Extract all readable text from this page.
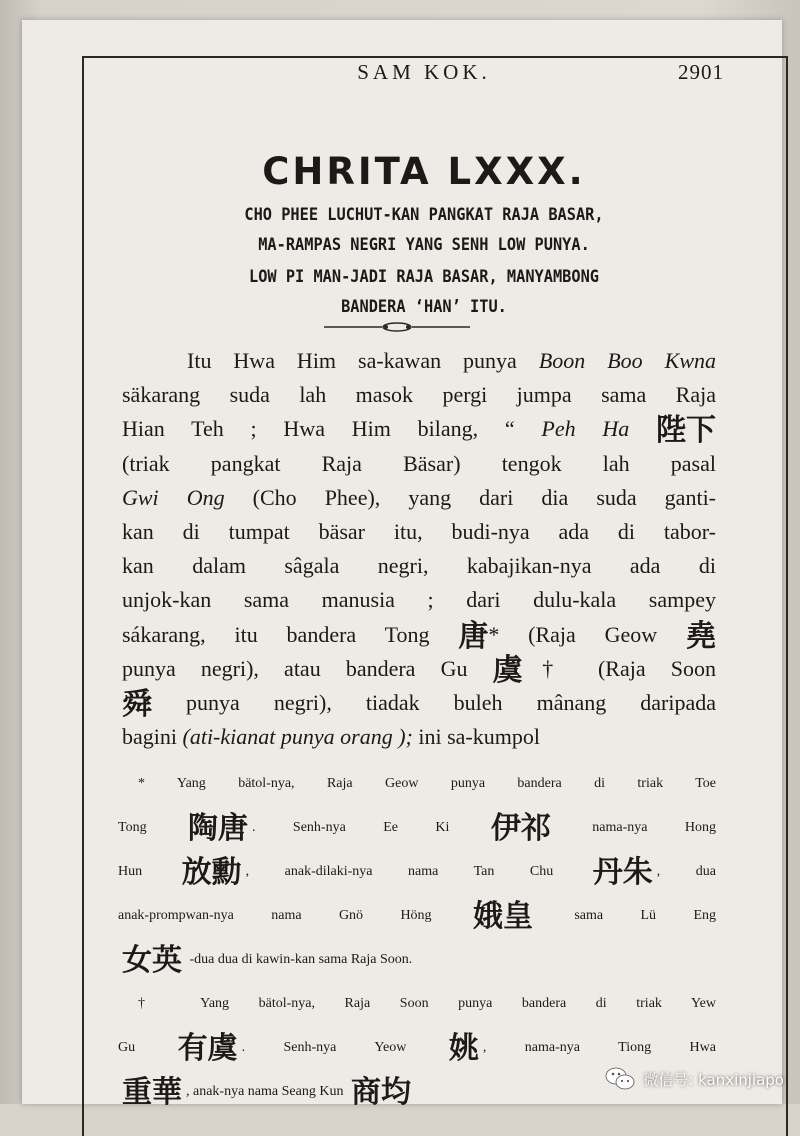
SAM KOK.	2901
CHRITA LXXX.
CHO PHEE LUCHUT-KAN PANGKAT RAJA BASAR,
MA-RAMPAS NEGRI YANG SENH LOW PUNYA.
LOW PI MAN-JADI RAJA BASAR, MANYAMBONG
BANDERA ‘HAN’ ITU.
Itu Hwa Him sa-kawan punya Boon Boo Kwna
säkarang suda lah masok pergi jumpa sama Raja
Hian Teh ; Hwa Him bilang, “ Peh Ha 陛下
(triak pangkat Raja Bäsar) tengok lah pasal
Gwi Ong (Cho Phee), yang dari dia suda ganti-
kan di tumpat bäsar itu, budi-nya ada di tabor-
kan dalam sâgala negri, kabajikan-nya ada di
unjok-kan sama manusia ; dari dulu-kala sampey
sákarang, itu bandera Tong 唐* (Raja Geow 堯
punya negri), atau bandera Gu 虞† (Raja Soon
舜 punya negri), tiadak buleh mânang daripada
bagini (ati-kianat punya orang ); ini sa-kumpol
* Yang bätol-nya, Raja Geow punya bandera di triak Toe
Tong 陶唐 . Senh-nya Ee Ki 伊祁 nama-nya Hong
Hun 放勳 , anak-dilaki-nya nama Tan Chu 丹朱 , dua
anak-prompwan-nya nama Gnö Höng 娥皇 sama Lü Eng
女英 -dua dua di kawin-kan sama Raja Soon.
† Yang bätol-nya, Raja Soon punya bandera di triak Yew
Gu 有虞 . Senh-nya Yeow 姚 , nama-nya Tiong Hwa
重華 , anak-nya nama Seang Kun 商均	微信号: kanxinjiapo
